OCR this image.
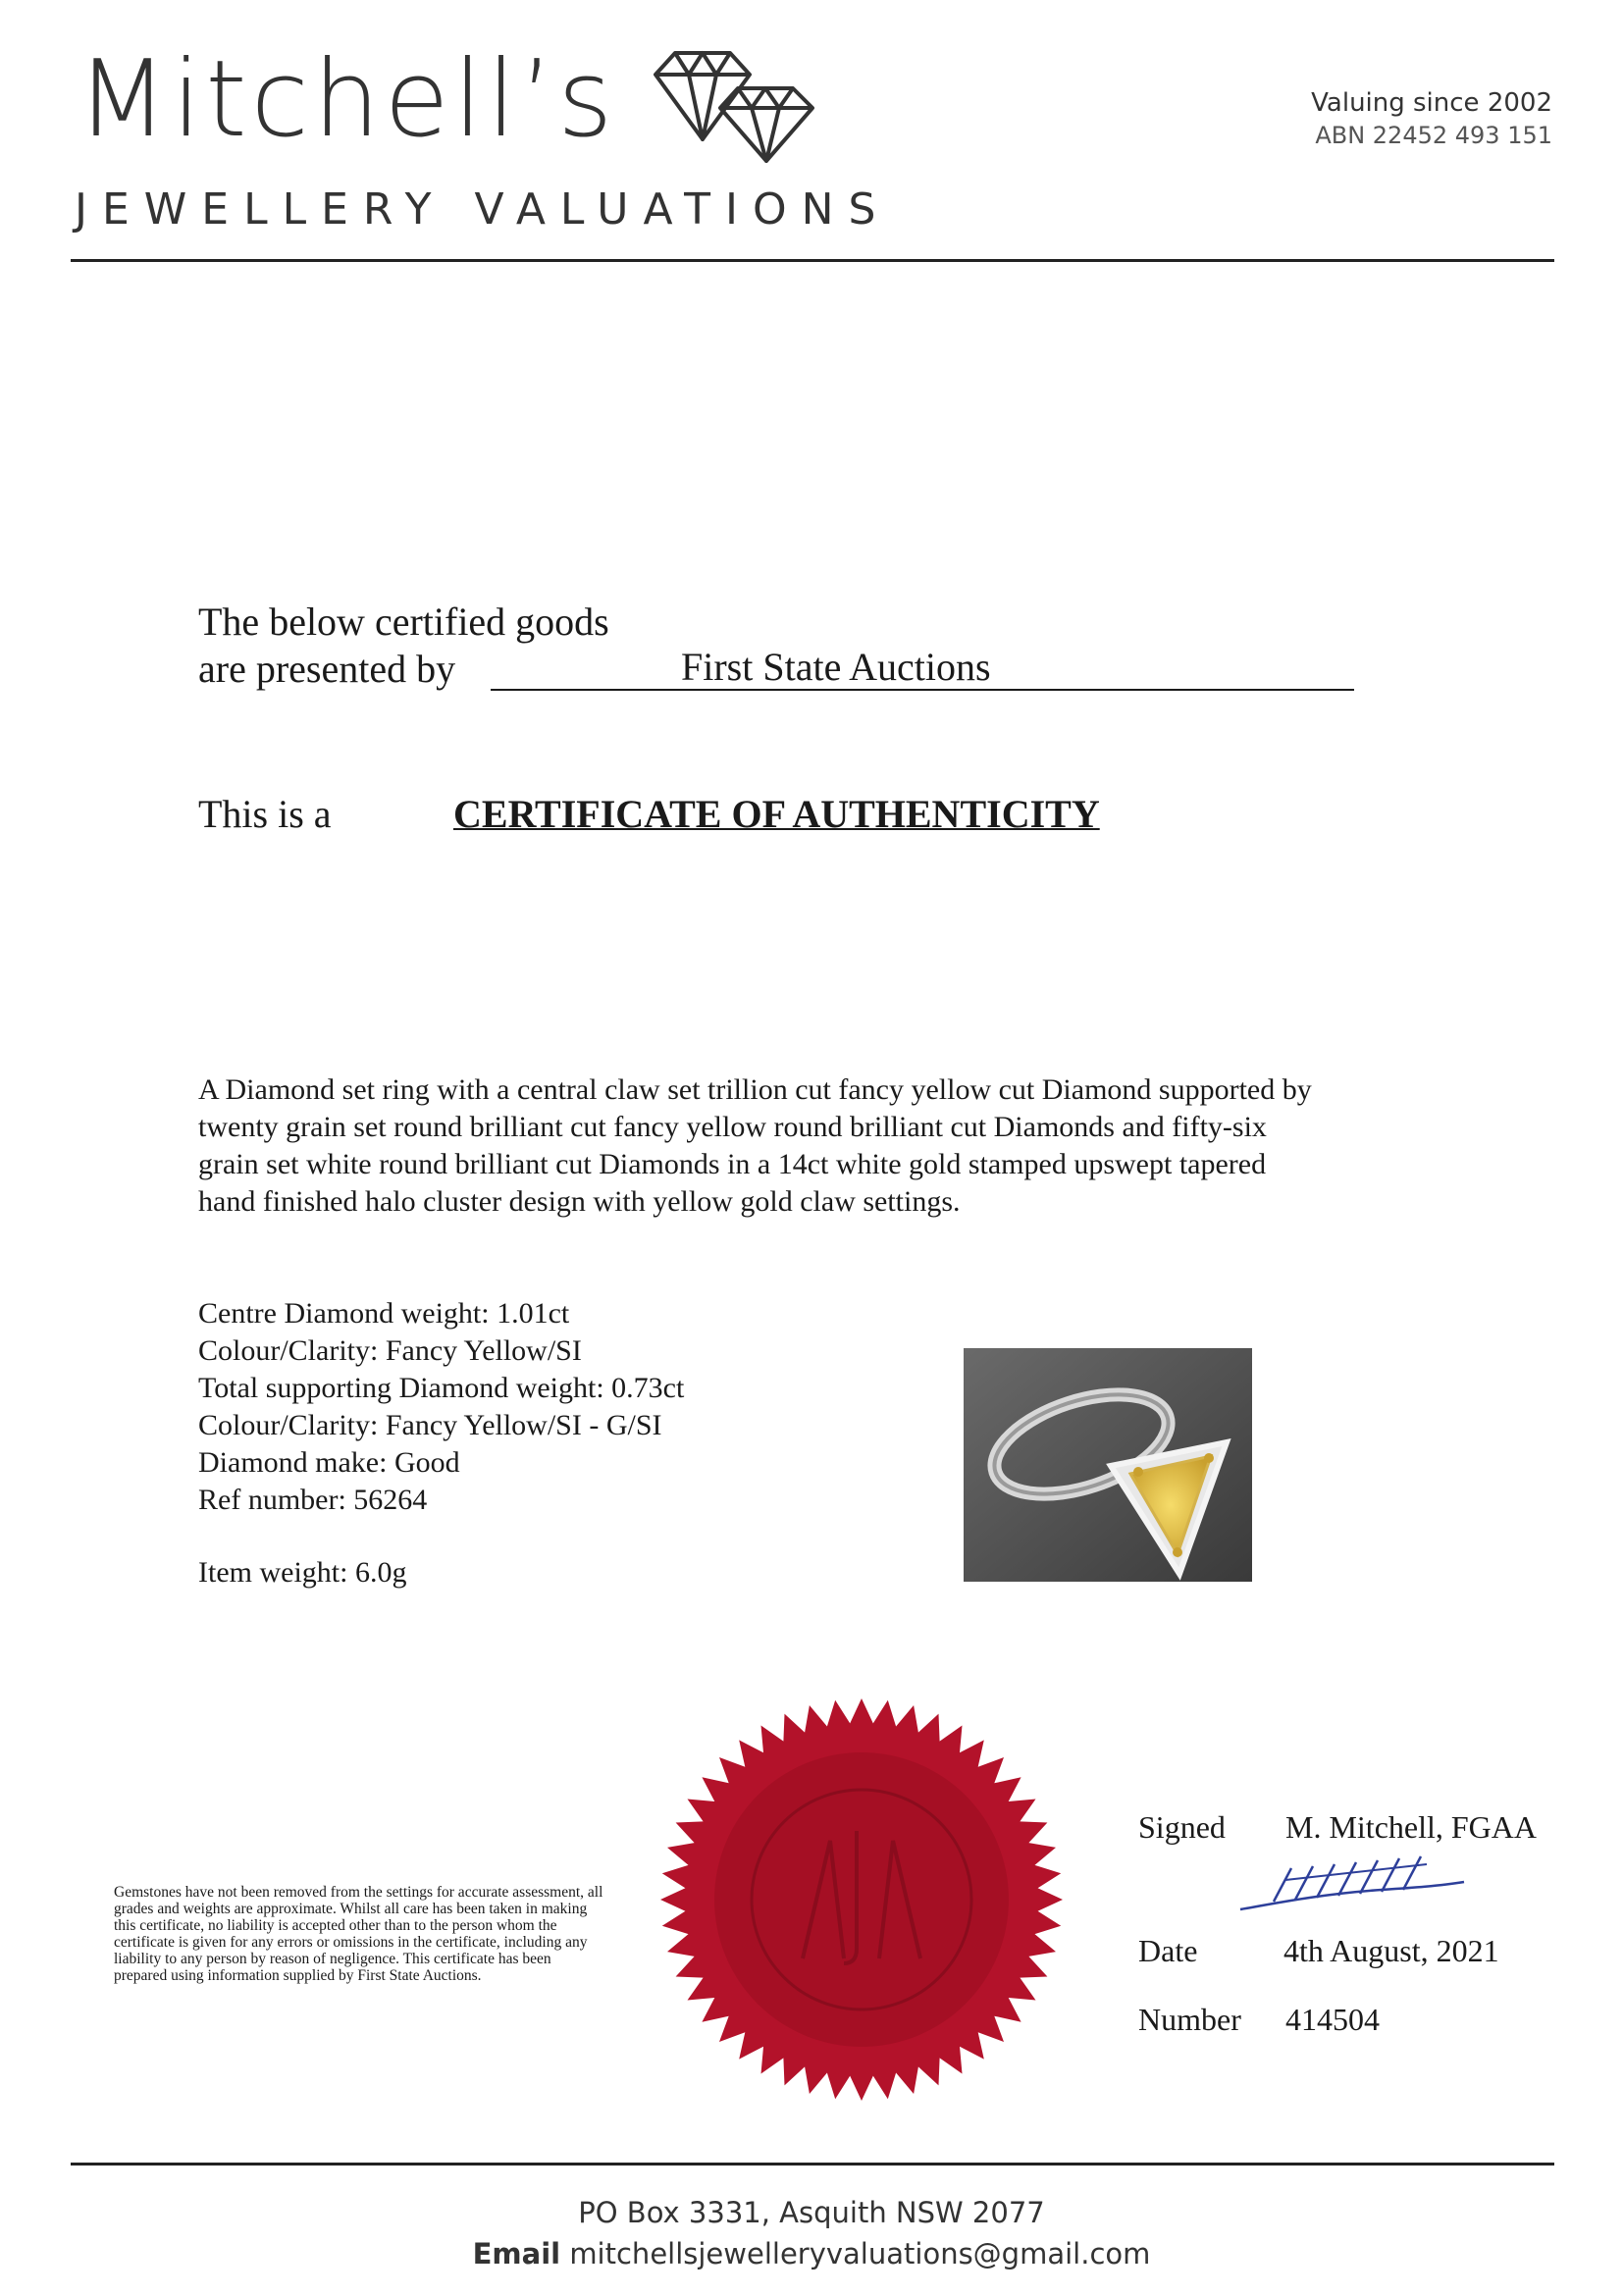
Mitchell’s
JEWELLERY VALUATIONS
Valuing since 2002
ABN 22452 493 151
The below certified goods
are presented by	First State Auctions
This is a	CERTIFICATE OF AUTHENTICITY
A Diamond set ring with a central claw set trillion cut fancy yellow cut Diamond supported by twenty grain set round brilliant cut fancy yellow round brilliant cut Diamonds and fifty-six grain set white round brilliant cut Diamonds in a 14ct white gold stamped upswept tapered hand finished halo cluster design with yellow gold claw settings.
Centre Diamond weight: 1.01ct
Colour/Clarity: Fancy Yellow/SI
Total supporting Diamond weight: 0.73ct
Colour/Clarity: Fancy Yellow/SI - G/SI
Diamond make: Good
Ref number: 56264
Item weight: 6.0g
Gemstones have not been removed from the settings for accurate assessment, all grades and weights are approximate. Whilst all care has been taken in making this certificate, no liability is accepted other than to the person whom the certificate is given for any errors or omissions in the certificate, including any liability to any person by reason of negligence. This certificate has been prepared using information supplied by First State Auctions.
Signed M. Mitchell, FGAA
Date	4th August, 2021
Number 414504
PO Box 3331, Asquith NSW 2077
Email mitchellsjewelleryvaluations@gmail.com
